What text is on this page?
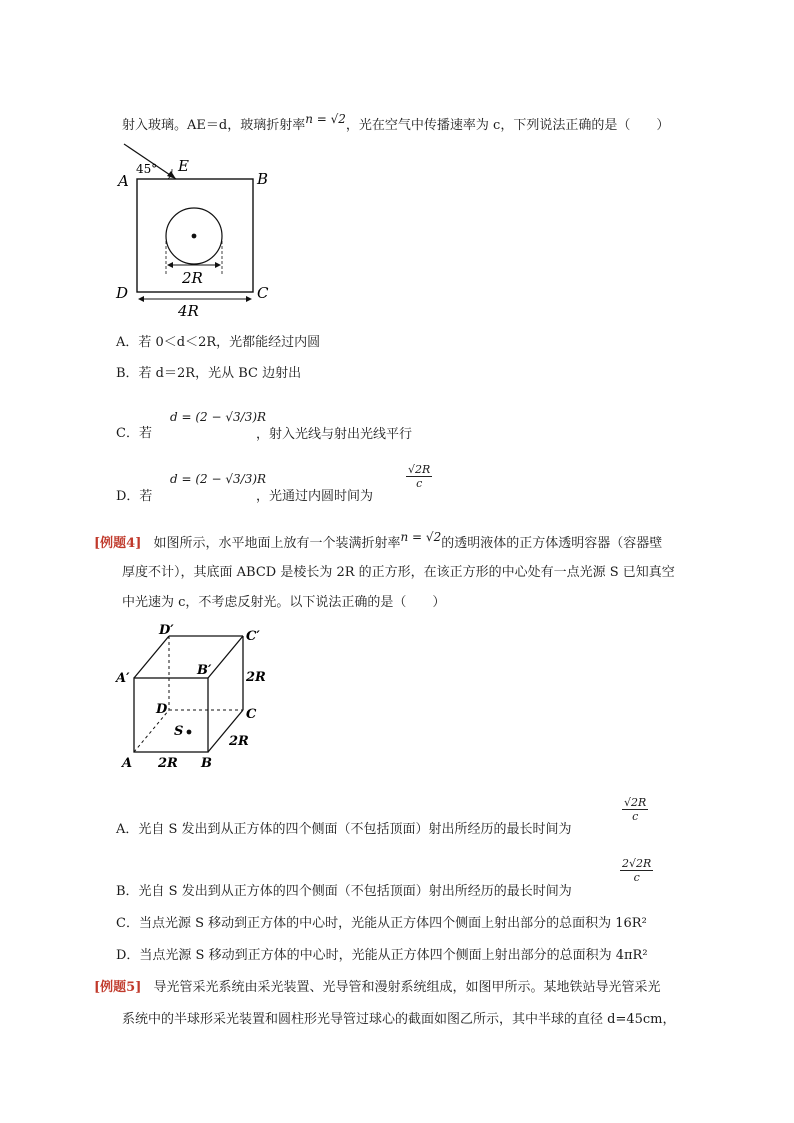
射入玻璃。AE＝d，玻璃折射率n = √2，光在空气中传播速率为 c，下列说法正确的是（　　）
A	B
C
D
E
45°
2R
4R
A．若 0＜d＜2R，光都能经过内圆
B．若 d＝2R，光从 BC 边射出
C．若
d = (2 − √3/3)R
，射入光线与射出光线平行
D．若
d = (2 − √3/3)R
，光通过内圆时间为
$\frac{√2R}{c}$
[例题4] 如图所示，水平地面上放有一个装满折射率n = √2的透明液体的正方体透明容器（容器壁
厚度不计），其底面 ABCD 是棱长为 2R 的正方形，在该正方形的中心处有一点光源 S 已知真空
中光速为 c，不考虑反射光。以下说法正确的是（　　）
D′	C′
A′
B′	2R
D	C
S
2R
A 2R B
A．光自 S 发出到从正方体的四个侧面（不包括顶面）射出所经历的最长时间为
$\frac{√2R}{c}$
B．光自 S 发出到从正方体的四个侧面（不包括顶面）射出所经历的最长时间为
$\frac{2√2R}{c}$
C．当点光源 S 移动到正方体的中心时，光能从正方体四个侧面上射出部分的总面积为 16R²
D．当点光源 S 移动到正方体的中心时，光能从正方体四个侧面上射出部分的总面积为 4πR²
[例题5] 导光管采光系统由采光装置、光导管和漫射系统组成，如图甲所示。某地铁站导光管采光
系统中的半球形采光装置和圆柱形光导管过球心的截面如图乙所示，其中半球的直径 d=45cm，
